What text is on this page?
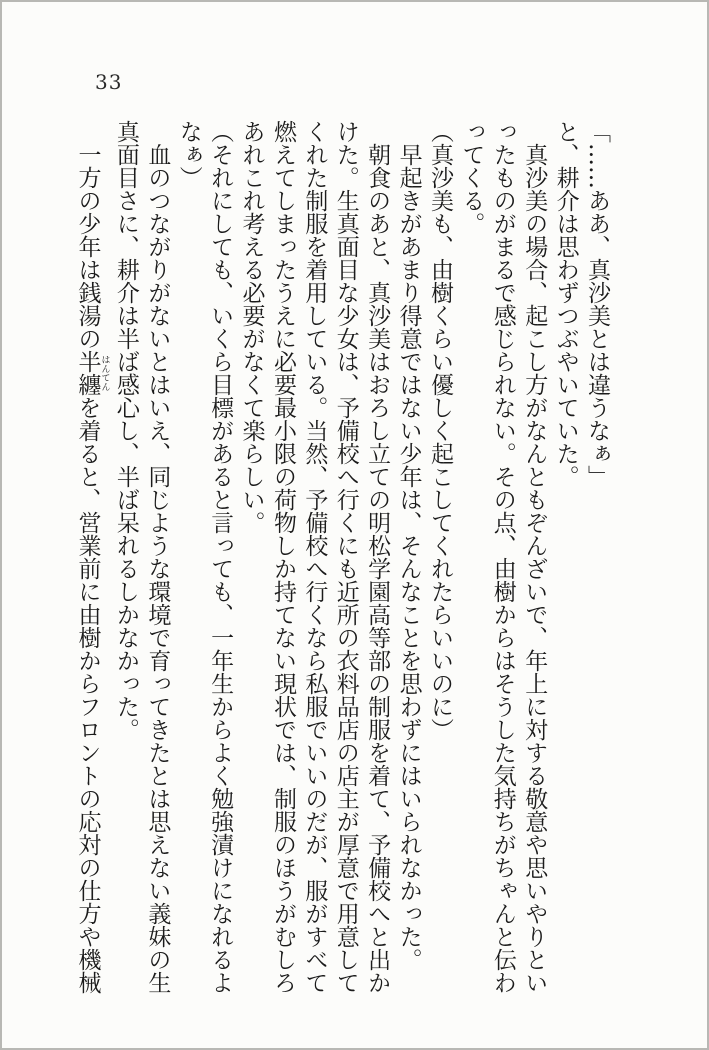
33

「……ああ、真沙美とは違うなぁ」

と、耕介は思わずつぶやいていた。

　真沙美の場合、起こし方がなんともぞんざいで、年上に対する敬意や思いやりといったものがまるで感じられない。その点、由樹からはそうした気持ちがちゃんと伝わってくる。

（真沙美も、由樹くらい優しく起こしてくれたらいいのに）

　早起きがあまり得意ではない少年は、そんなことを思わずにはいられなかった。

　朝食のあと、真沙美はおろし立ての明松学園高等部の制服を着て、予備校へと出かけた。生真面目な少女は、予備校へ行くにも近所の衣料品店の店主が厚意で用意してくれた制服を着用している。当然、予備校へ行くなら私服でいいのだが、服がすべて燃えてしまったうえに必要最小限の荷物しか持てない現状では、制服のほうがむしろあれこれ考える必要がなくて楽らしい。

（それにしても、いくら目標があると言っても、一年生からよく勉強漬けになれるよなぁ）

　血のつながりがないとはいえ、同じような環境で育ってきたとは思えない義妹の生真面目さに、耕介は半ば感心し、半ば呆れるしかなかった。

　一方の少年は銭湯の半纏 はんてんを着ると、営業前に由樹からフロントの応対の仕方や機械
